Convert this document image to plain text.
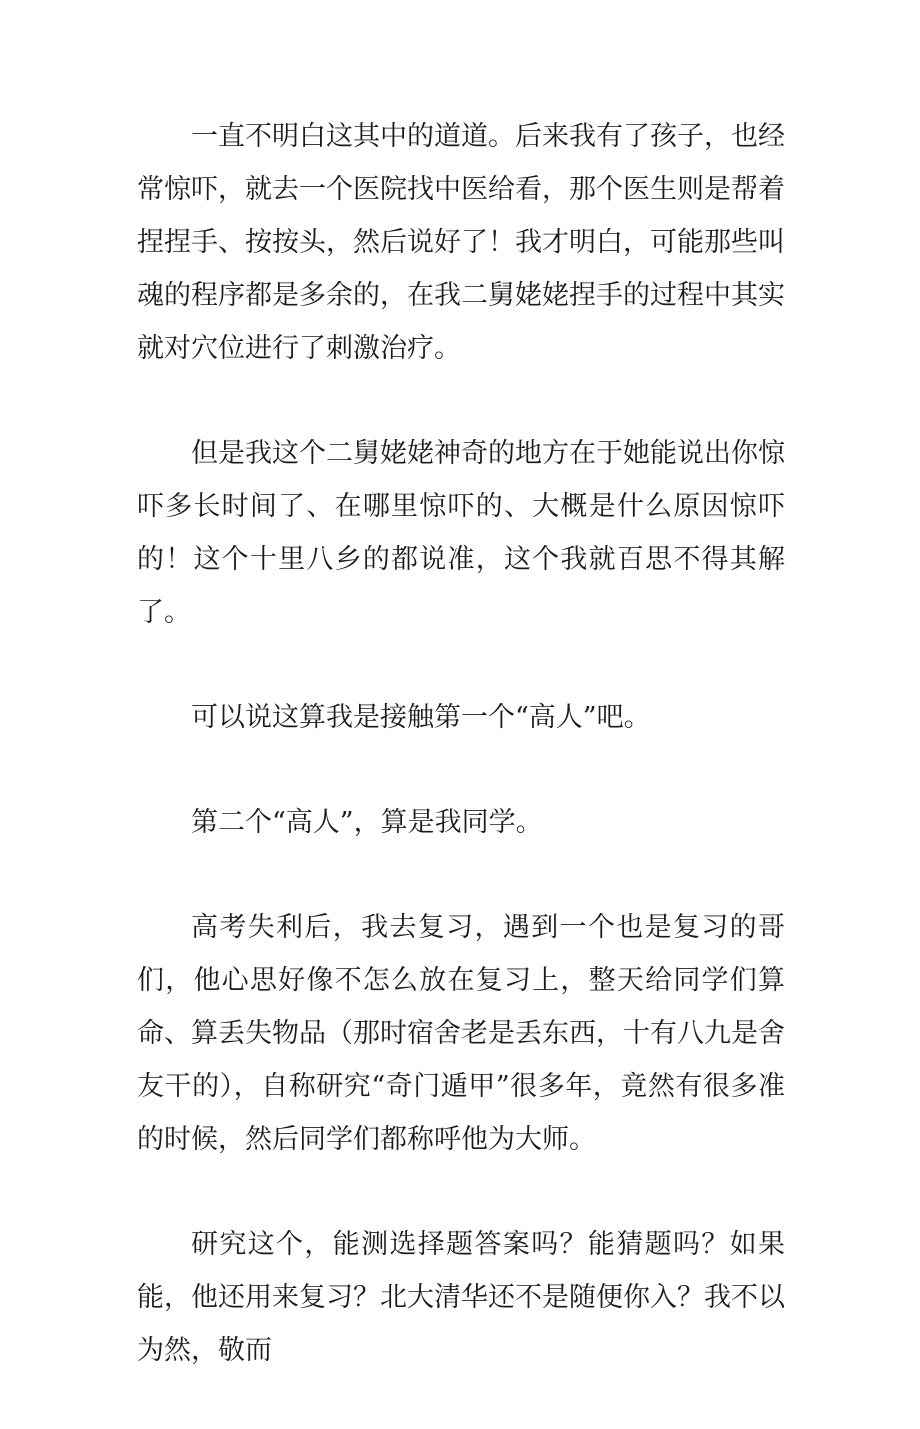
一直不明白这其中的道道。后来我有了孩子，也经常惊吓，就去一个医院找中医给看，那个医生则是帮着捏捏手、按按头，然后说好了！我才明白，可能那些叫魂的程序都是多余的，在我二舅姥姥捏手的过程中其实就对穴位进行了刺激治疗。

但是我这个二舅姥姥神奇的地方在于她能说出你惊吓多长时间了、在哪里惊吓的、大概是什么原因惊吓的！这个十里八乡的都说准，这个我就百思不得其解了。

可以说这算我是接触第一个“高人”吧。

第二个“高人”，算是我同学。

高考失利后，我去复习，遇到一个也是复习的哥们，他心思好像不怎么放在复习上，整天给同学们算命、算丢失物品（那时宿舍老是丢东西，十有八九是舍友干的），自称研究“奇门遁甲”很多年，竟然有很多准的时候，然后同学们都称呼他为大师。

研究这个，能测选择题答案吗？能猜题吗？如果能，他还用来复习？北大清华还不是随便你入？我不以为然，敬而
